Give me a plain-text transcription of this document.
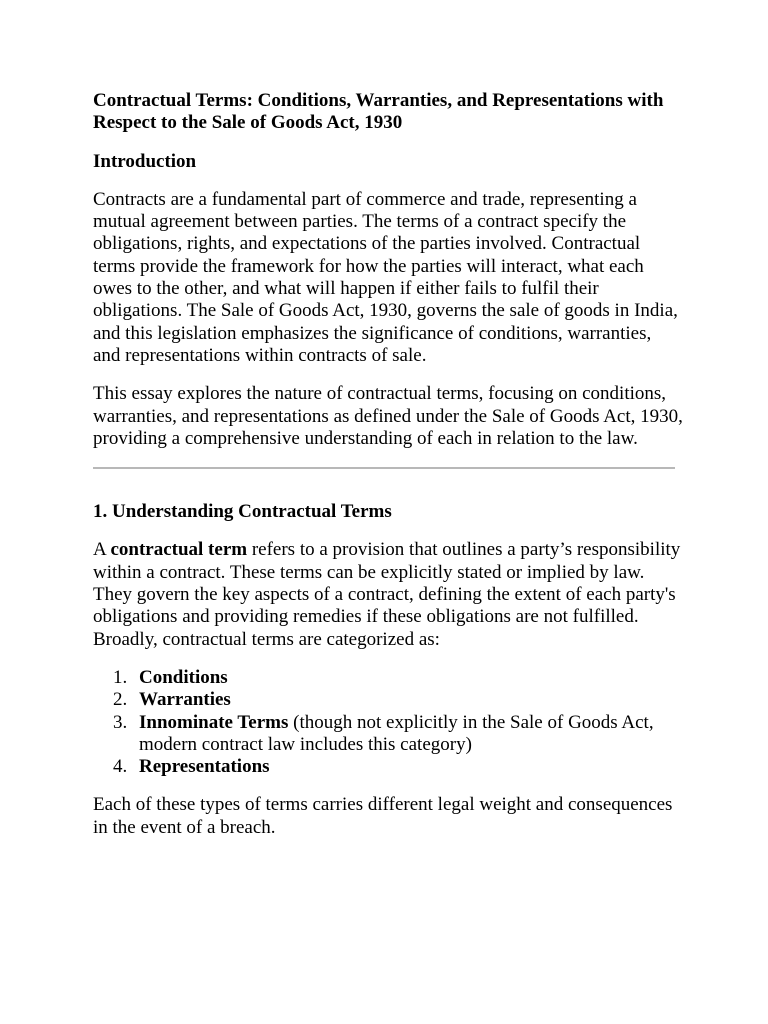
Contractual Terms: Conditions, Warranties, and Representations with Respect to the Sale of Goods Act, 1930
Introduction

Contracts are a fundamental part of commerce and trade, representing a mutual agreement between parties. The terms of a contract specify the obligations, rights, and expectations of the parties involved. Contractual terms provide the framework for how the parties will interact, what each owes to the other, and what will happen if either fails to fulfil their obligations. The Sale of Goods Act, 1930, governs the sale of goods in India, and this legislation emphasizes the significance of conditions, warranties, and representations within contracts of sale.

This essay explores the nature of contractual terms, focusing on conditions, warranties, and representations as defined under the Sale of Goods Act, 1930, providing a comprehensive understanding of each in relation to the law.

1. Understanding Contractual Terms

A contractual term refers to a provision that outlines a party’s responsibility within a contract. These terms can be explicitly stated or implied by law. They govern the key aspects of a contract, defining the extent of each party's obligations and providing remedies if these obligations are not fulfilled. Broadly, contractual terms are categorized as:

1. Conditions
2. Warranties
3. Innominate Terms (though not explicitly in the Sale of Goods Act, modern contract law includes this category)
4. Representations

Each of these types of terms carries different legal weight and consequences in the event of a breach.
